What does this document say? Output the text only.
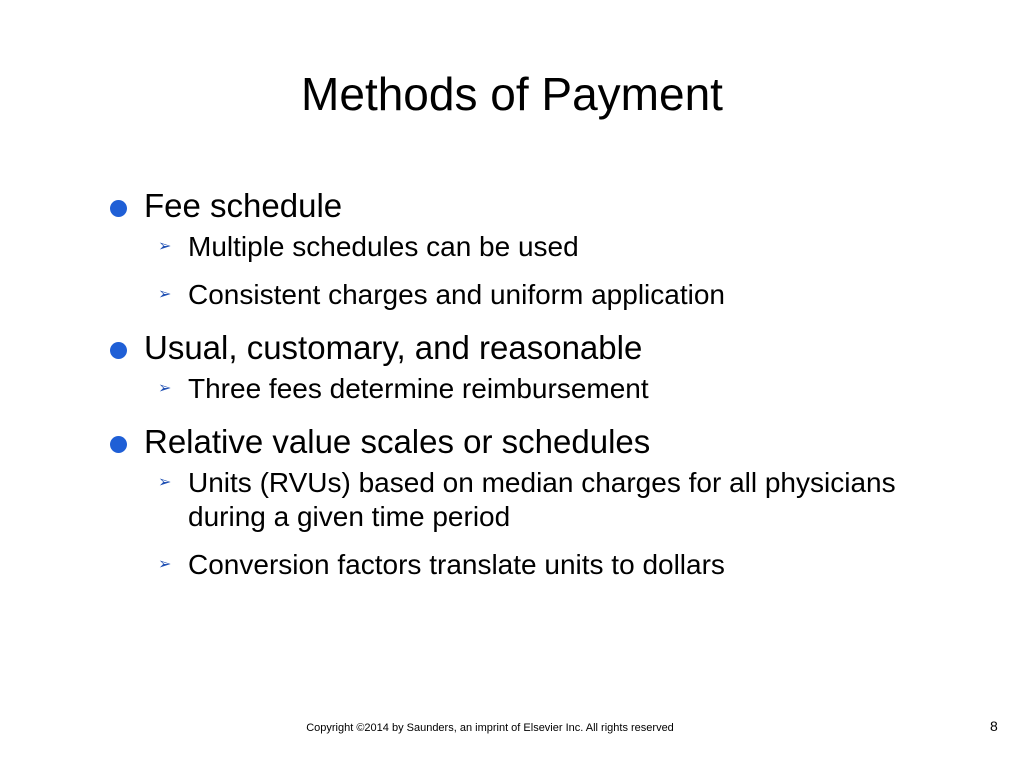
Methods of Payment
Fee schedule
➢ Multiple schedules can be used
➢ Consistent charges and uniform application
Usual, customary, and reasonable
➢ Three fees determine reimbursement
Relative value scales or schedules
➢ Units (RVUs) based on median charges for all physicians during a given time period
➢ Conversion factors translate units to dollars
Copyright ©2014 by Saunders, an imprint of Elsevier Inc. All rights reserved	8
